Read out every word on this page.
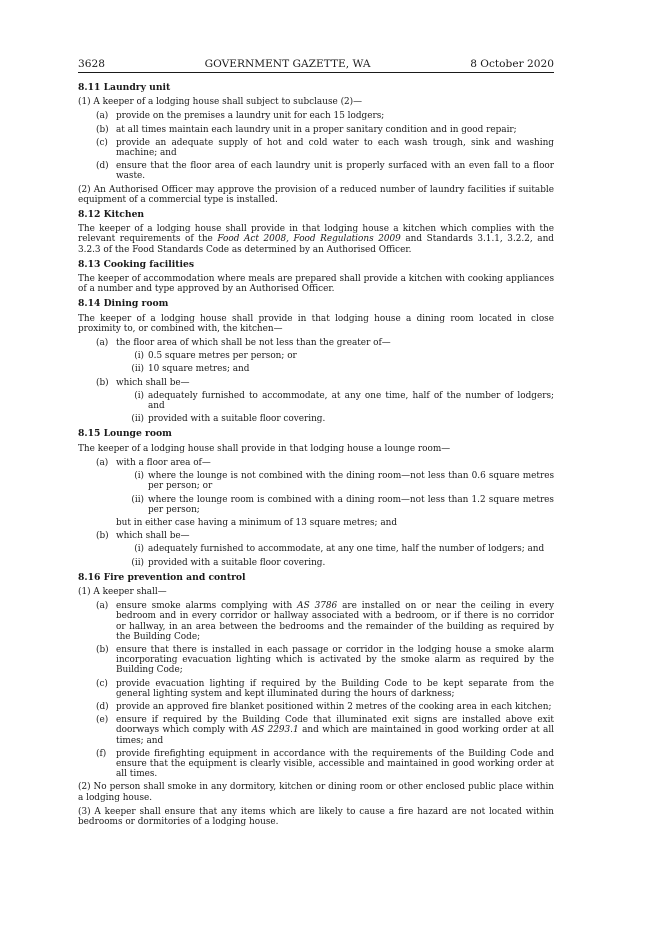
3628	GOVERNMENT GAZETTE, WA	8 October 2020
8.11 Laundry unit
(1) A keeper of a lodging house shall subject to subclause (2)—
(a) provide on the premises a laundry unit for each 15 lodgers;
(b) at all times maintain each laundry unit in a proper sanitary condition and in good repair;
(c) provide an adequate supply of hot and cold water to each wash trough, sink and washing machine; and
(d) ensure that the floor area of each laundry unit is properly surfaced with an even fall to a floor waste.
(2) An Authorised Officer may approve the provision of a reduced number of laundry facilities if suitable equipment of a commercial type is installed.
8.12 Kitchen
The keeper of a lodging house shall provide in that lodging house a kitchen which complies with the relevant requirements of the Food Act 2008, Food Regulations 2009 and Standards 3.1.1, 3.2.2, and 3.2.3 of the Food Standards Code as determined by an Authorised Officer.
8.13 Cooking facilities
The keeper of accommodation where meals are prepared shall provide a kitchen with cooking appliances of a number and type approved by an Authorised Officer.
8.14 Dining room
The keeper of a lodging house shall provide in that lodging house a dining room located in close proximity to, or combined with, the kitchen—
(a) the floor area of which shall be not less than the greater of—
(i) 0.5 square metres per person; or
(ii) 10 square metres; and
(b) which shall be—
(i) adequately furnished to accommodate, at any one time, half of the number of lodgers; and
(ii) provided with a suitable floor covering.
8.15 Lounge room
The keeper of a lodging house shall provide in that lodging house a lounge room—
(a) with a floor area of—
(i) where the lounge is not combined with the dining room—not less than 0.6 square metres per person; or
(ii) where the lounge room is combined with a dining room—not less than 1.2 square metres per person;
but in either case having a minimum of 13 square metres; and
(b) which shall be—
(i) adequately furnished to accommodate, at any one time, half the number of lodgers; and
(ii) provided with a suitable floor covering.
8.16 Fire prevention and control
(1) A keeper shall—
(a) ensure smoke alarms complying with AS 3786 are installed on or near the ceiling in every bedroom and in every corridor or hallway associated with a bedroom, or if there is no corridor or hallway, in an area between the bedrooms and the remainder of the building as required by the Building Code;
(b) ensure that there is installed in each passage or corridor in the lodging house a smoke alarm incorporating evacuation lighting which is activated by the smoke alarm as required by the Building Code;
(c) provide evacuation lighting if required by the Building Code to be kept separate from the general lighting system and kept illuminated during the hours of darkness;
(d) provide an approved fire blanket positioned within 2 metres of the cooking area in each kitchen;
(e) ensure if required by the Building Code that illuminated exit signs are installed above exit doorways which comply with AS 2293.1 and which are maintained in good working order at all times; and
(f)	provide firefighting equipment in accordance with the requirements of the Building Code and ensure that the equipment is clearly visible, accessible and maintained in good working order at all times.
(2) No person shall smoke in any dormitory, kitchen or dining room or other enclosed public place within a lodging house.
(3) A keeper shall ensure that any items which are likely to cause a fire hazard are not located within bedrooms or dormitories of a lodging house.
